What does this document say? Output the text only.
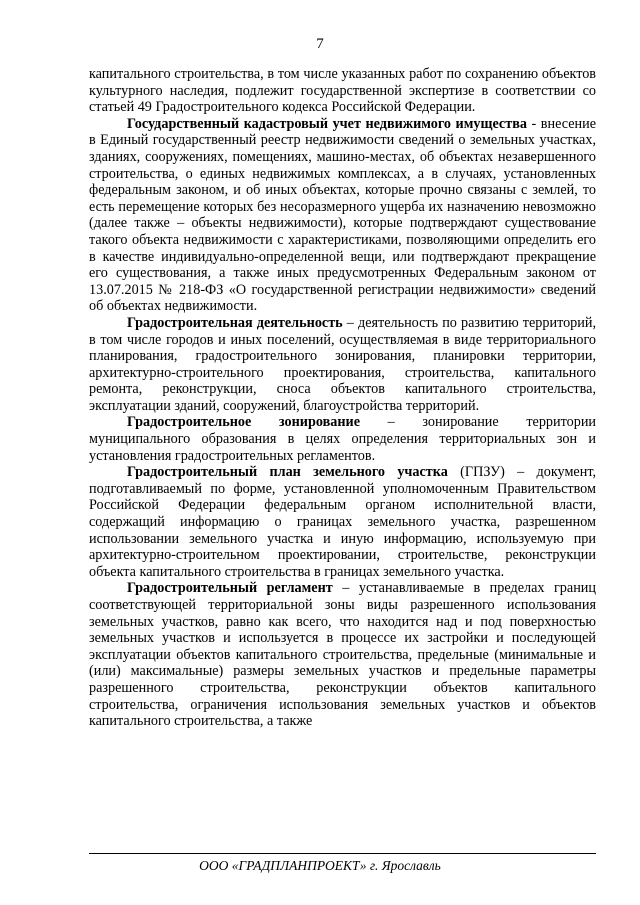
7

капитального строительства, в том числе указанных работ по сохранению объектов культурного наследия, подлежит государственной экспертизе в соответствии со статьей 49 Градостроительного кодекса Российской Федерации.

Государственный кадастровый учет недвижимого имущества - внесение в Единый государственный реестр недвижимости сведений о земельных участках, зданиях, сооружениях, помещениях, машино-местах, об объектах незавершенного строительства, о единых недвижимых комплексах, а в случаях, установленных федеральным законом, и об иных объектах, которые прочно связаны с землей, то есть перемещение которых без несоразмерного ущерба их назначению невозможно (далее также – объекты недвижимости), которые подтверждают существование такого объекта недвижимости с характеристиками, позволяющими определить его в качестве индивидуально-определенной вещи, или подтверждают прекращение его существования, а также иных предусмотренных Федеральным законом от 13.07.2015 № 218-ФЗ «О государственной регистрации недвижимости» сведений об объектах недвижимости.

Градостроительная деятельность – деятельность по развитию территорий, в том числе городов и иных поселений, осуществляемая в виде территориального планирования, градостроительного зонирования, планировки территории, архитектурно-строительного проектирования, строительства, капитального ремонта, реконструкции, сноса объектов капитального строительства, эксплуатации зданий, сооружений, благоустройства территорий.

Градостроительное зонирование – зонирование территории муниципального образования в целях определения территориальных зон и установления градостроительных регламентов.

Градостроительный план земельного участка (ГПЗУ) – документ, подготавливаемый по форме, установленной уполномоченным Правительством Российской Федерации федеральным органом исполнительной власти, содержащий информацию о границах земельного участка, разрешенном использовании земельного участка и иную информацию, используемую при архитектурно-строительном проектировании, строительстве, реконструкции объекта капитального строительства в границах земельного участка.

Градостроительный регламент – устанавливаемые в пределах границ соответствующей территориальной зоны виды разрешенного использования земельных участков, равно как всего, что находится над и под поверхностью земельных участков и используется в процессе их застройки и последующей эксплуатации объектов капитального строительства, предельные (минимальные и (или) максимальные) размеры земельных участков и предельные параметры разрешенного строительства, реконструкции объектов капитального строительства, ограничения использования земельных участков и объектов капитального строительства, а также

ООО «ГРАДПЛАНПРОЕКТ» г. Ярославль
